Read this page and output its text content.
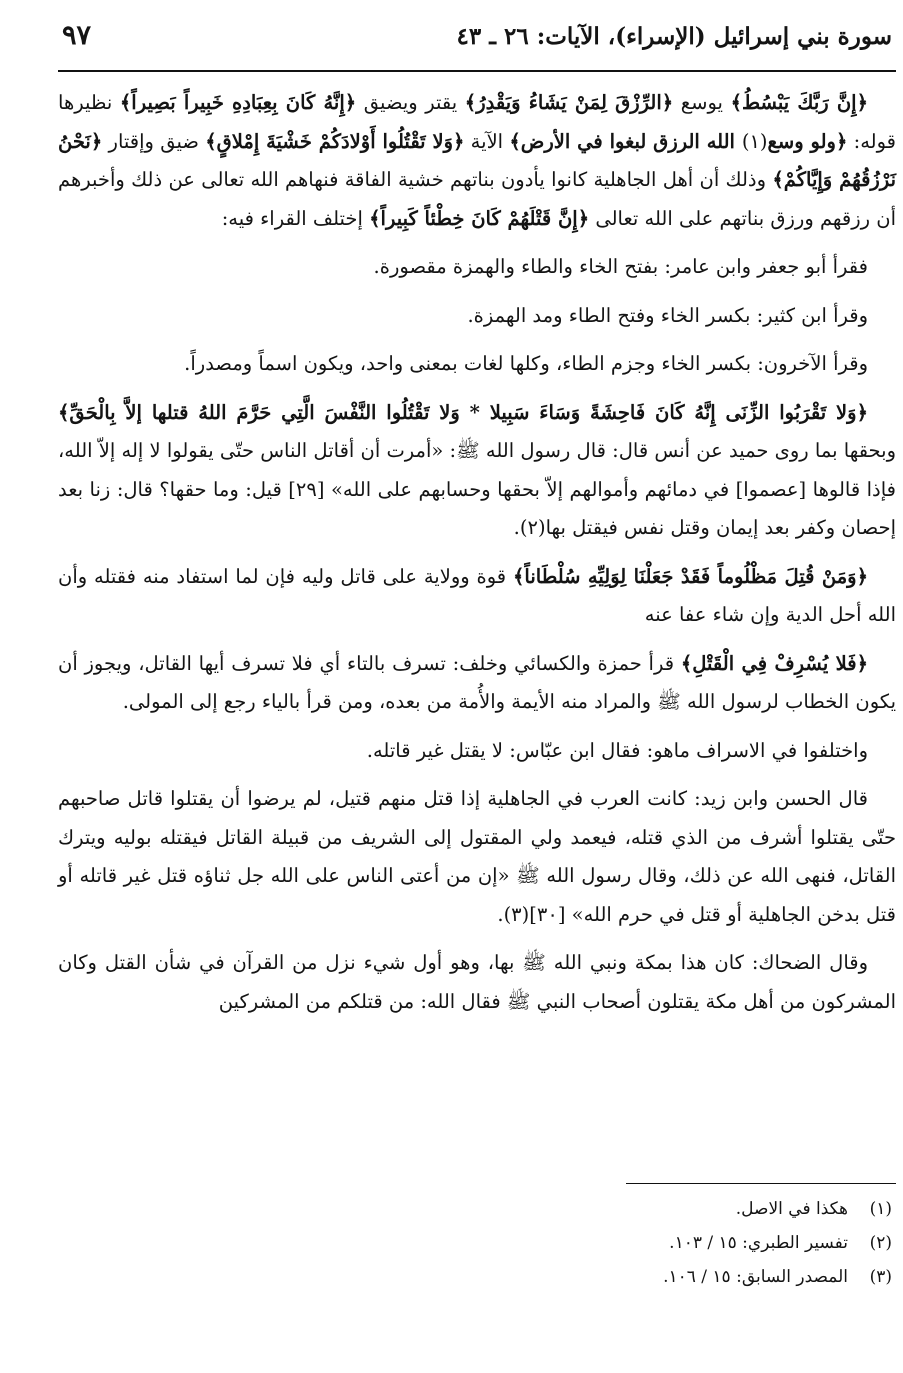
سورة بني إسرائيل (الإسراء)، الآيات: ٢٦ ـ ٤٣
٩٧

﴿إِنَّ رَبَّكَ يَبْسُطُ﴾ يوسع ﴿الرِّزْقَ لِمَنْ يَشَاءُ وَيَقْدِرُ﴾ يقتر ويضيق ﴿إِنَّهُ كَانَ بِعِبَادِهِ خَبِيراً بَصِيراً﴾ نظيرها قوله: ﴿ولو وسع(١) الله الرزق لبغوا في الأرض﴾ الآية ﴿وَلا تَقْتُلُوا أَوْلادَكُمْ خَشْيَةَ إِمْلاقٍ﴾ ضيق وإقتار ﴿نَحْنُ نَرْزُقُهُمْ وَإِيَّاكُمْ﴾ وذلك أن أهل الجاهلية كانوا يأدون بناتهم خشية الفاقة فنهاهم الله تعالى عن ذلك وأخبرهم أن رزقهم ورزق بناتهم على الله تعالى ﴿إِنَّ قَتْلَهُمْ كَانَ خِطْئاً كَبِيراً﴾ إختلف القراء فيه:

فقرأ أبو جعفر وابن عامر: بفتح الخاء والطاء والهمزة مقصورة.

وقرأ ابن كثير: بكسر الخاء وفتح الطاء ومد الهمزة.

وقرأ الآخرون: بكسر الخاء وجزم الطاء، وكلها لغات بمعنى واحد، ويكون اسماً ومصدراً.

﴿وَلا تَقْرَبُوا الزِّنَى إِنَّهُ كَانَ فَاحِشَةً وَسَاءَ سَبِيلا * وَلا تَقْتُلُوا النَّفْسَ الَّتِي حَرَّمَ اللهُ قتلها إلاَّ بِالْحَقِّ﴾ وبحقها بما روى حميد عن أنس قال: قال رسول الله ﷺ: «أمرت أن أقاتل الناس حتّى يقولوا لا إله إلاّ الله، فإذا قالوها [عصموا] في دمائهم وأموالهم إلاّ بحقها وحسابهم على الله» [٢٩] قيل: وما حقها؟ قال: زنا بعد إحصان وكفر بعد إيمان وقتل نفس فيقتل بها(٢).

﴿وَمَنْ قُتِلَ مَظْلُوماً فَقَدْ جَعَلْنَا لِوَلِيِّهِ سُلْطَاناً﴾ قوة وولاية على قاتل وليه فإن لما استفاد منه فقتله وأن الله أحل الدية وإن شاء عفا عنه

﴿فَلا يُسْرِفْ فِي الْقَتْلِ﴾ قرأ حمزة والكسائي وخلف: تسرف بالتاء أي فلا تسرف أيها القاتل، ويجوز أن يكون الخطاب لرسول الله ﷺ والمراد منه الأيمة والأُمة من بعده، ومن قرأ بالياء رجع إلى المولى.

واختلفوا في الاسراف ماهو: فقال ابن عبّاس: لا يقتل غير قاتله.

قال الحسن وابن زيد: كانت العرب في الجاهلية إذا قتل منهم قتيل، لم يرضوا أن يقتلوا قاتل صاحبهم حتّى يقتلوا أشرف من الذي قتله، فيعمد ولي المقتول إلى الشريف من قبيلة القاتل فيقتله بوليه ويترك القاتل، فنهى الله عن ذلك، وقال رسول الله ﷺ «إن من أعتى الناس على الله جل ثناؤه قتل غير قاتله أو قتل بدخن الجاهلية أو قتل في حرم الله» [٣٠](٣).

وقال الضحاك: كان هذا بمكة ونبي الله ﷺ بها، وهو أول شيء نزل من القرآن في شأن القتل وكان المشركون من أهل مكة يقتلون أصحاب النبي ﷺ فقال الله: من قتلكم من المشركين

(١)
هكذا في الاصل.
(٢)
تفسير الطبري: ١٥ / ١٠٣.
(٣)
المصدر السابق: ١٥ / ١٠٦.
